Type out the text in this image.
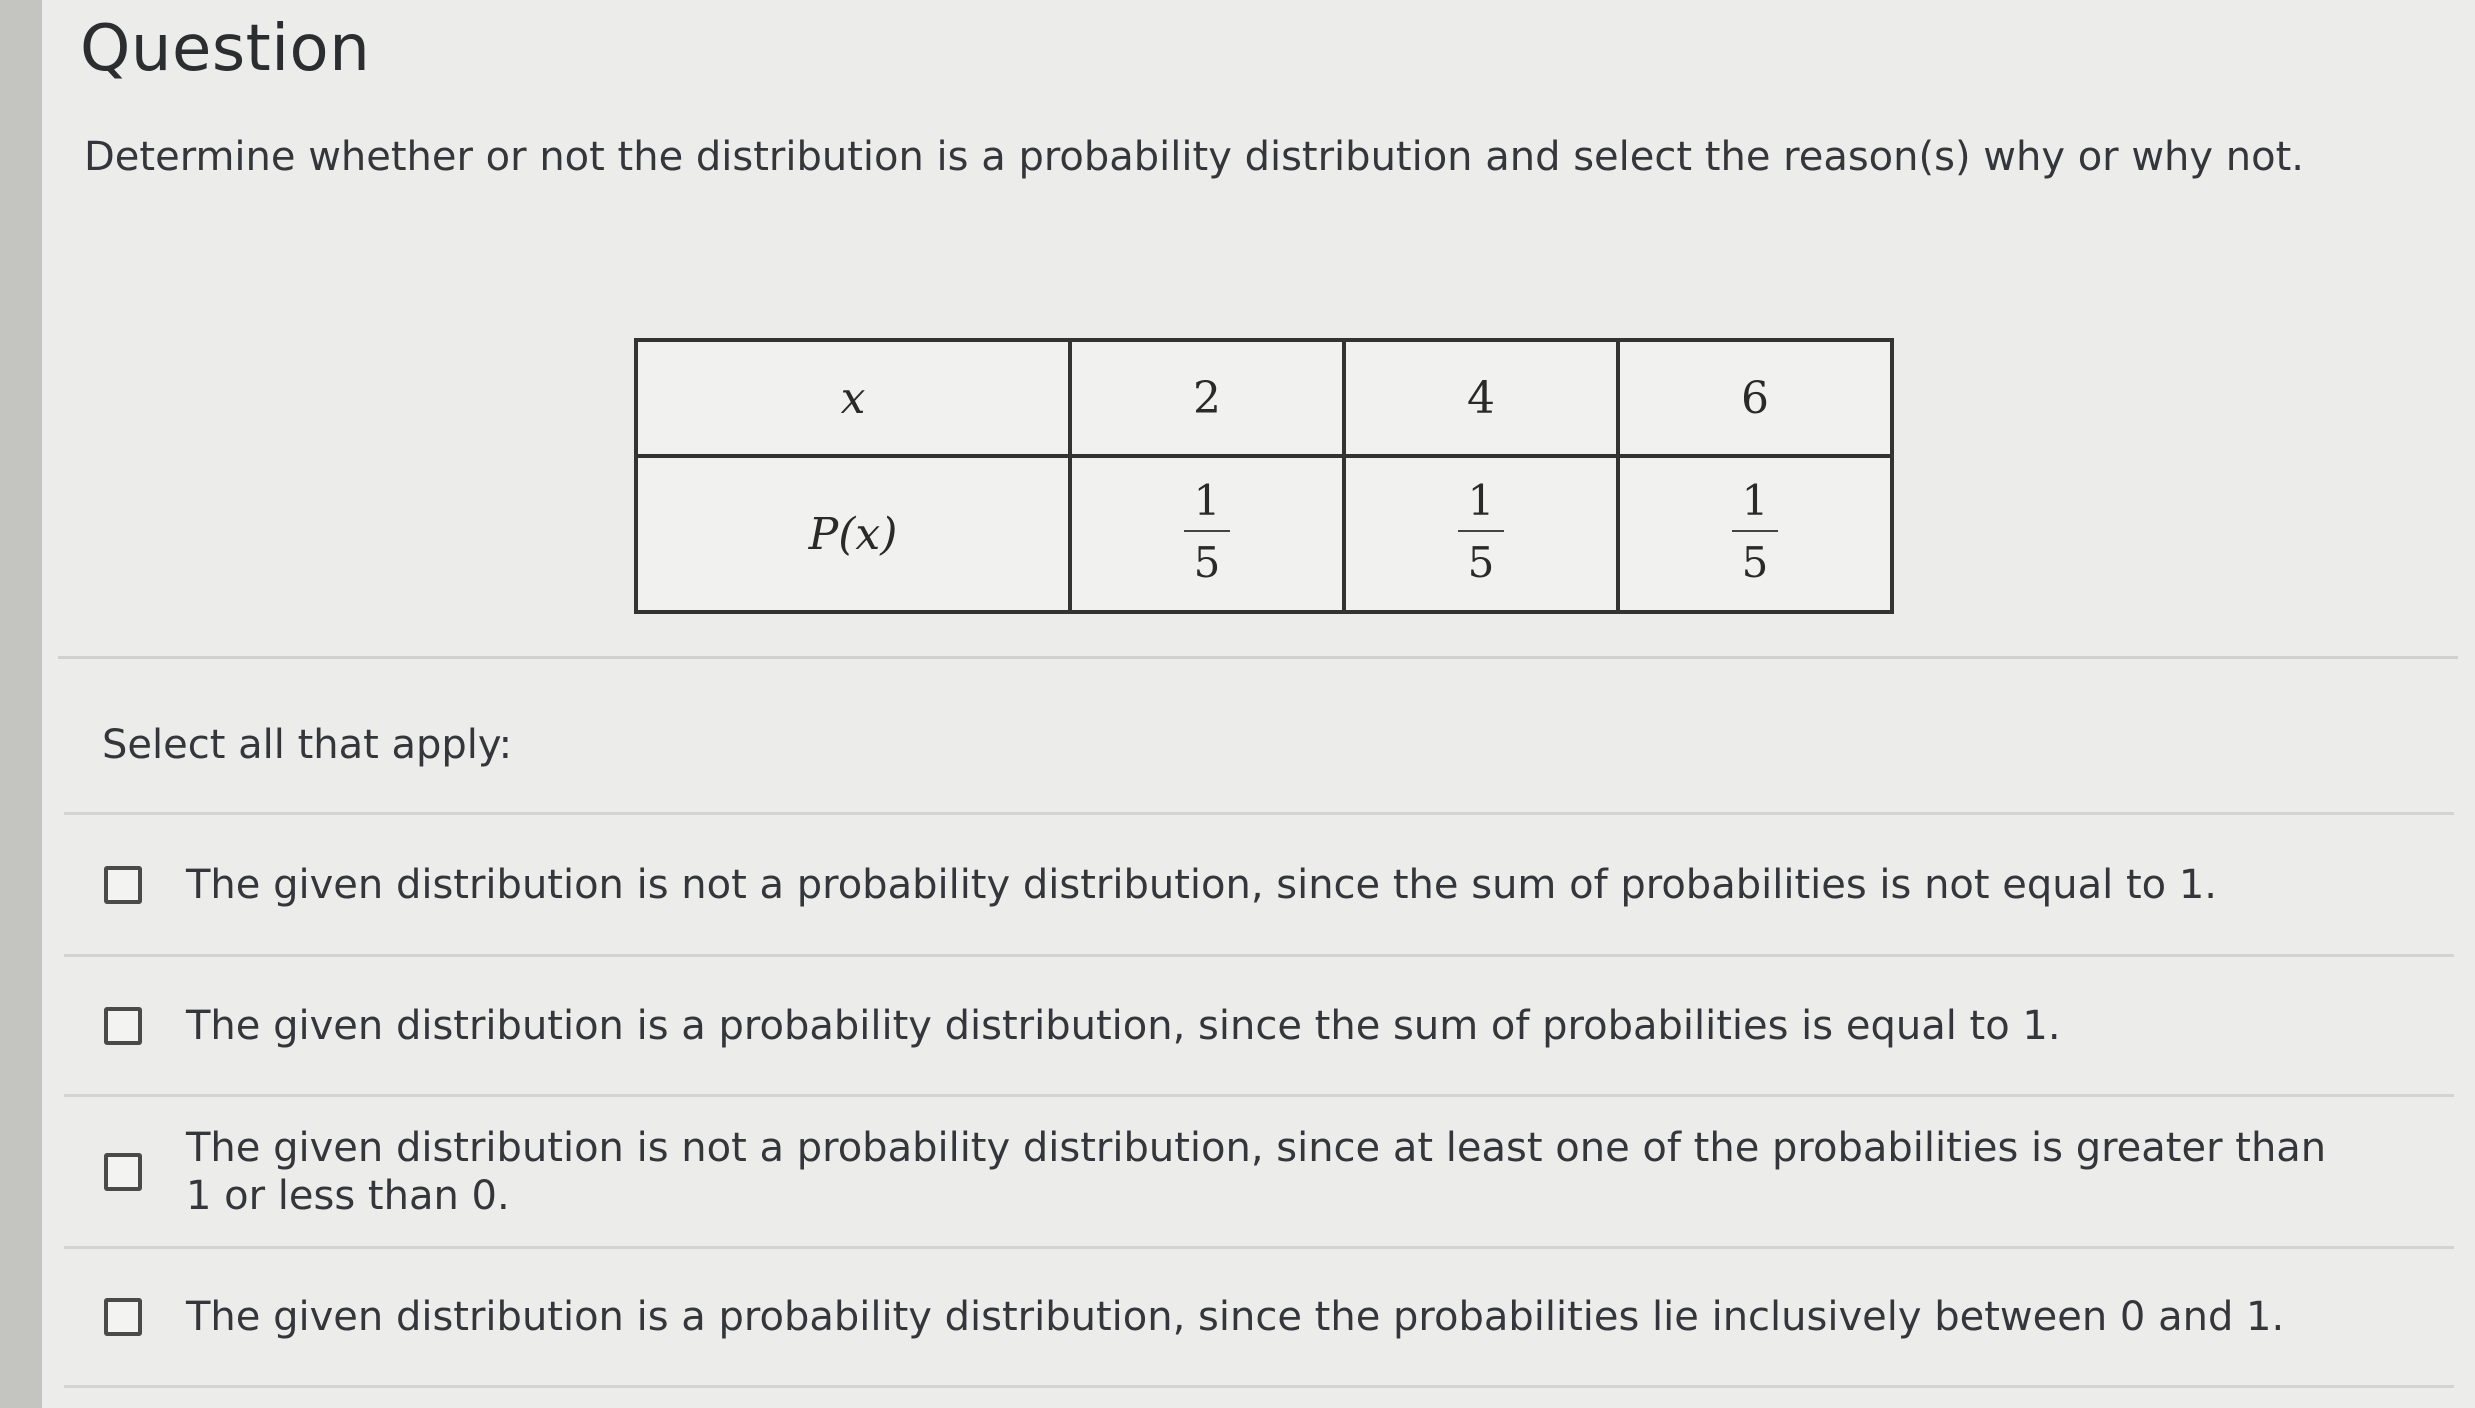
Question

Determine whether or not the distribution is a probability distribution and select the reason(s) why or why not.

x	2	4	6
P(x)	$\frac{1}{5}$	$\frac{1}{5}$	$\frac{1}{5}$

Select all that apply:

The given distribution is not a probability distribution, since the sum of probabilities is not equal to 1.
The given distribution is a probability distribution, since the sum of probabilities is equal to 1.
The given distribution is not a probability distribution, since at least one of the probabilities is greater than 1 or less than 0.
The given distribution is a probability distribution, since the probabilities lie inclusively between 0 and 1.
